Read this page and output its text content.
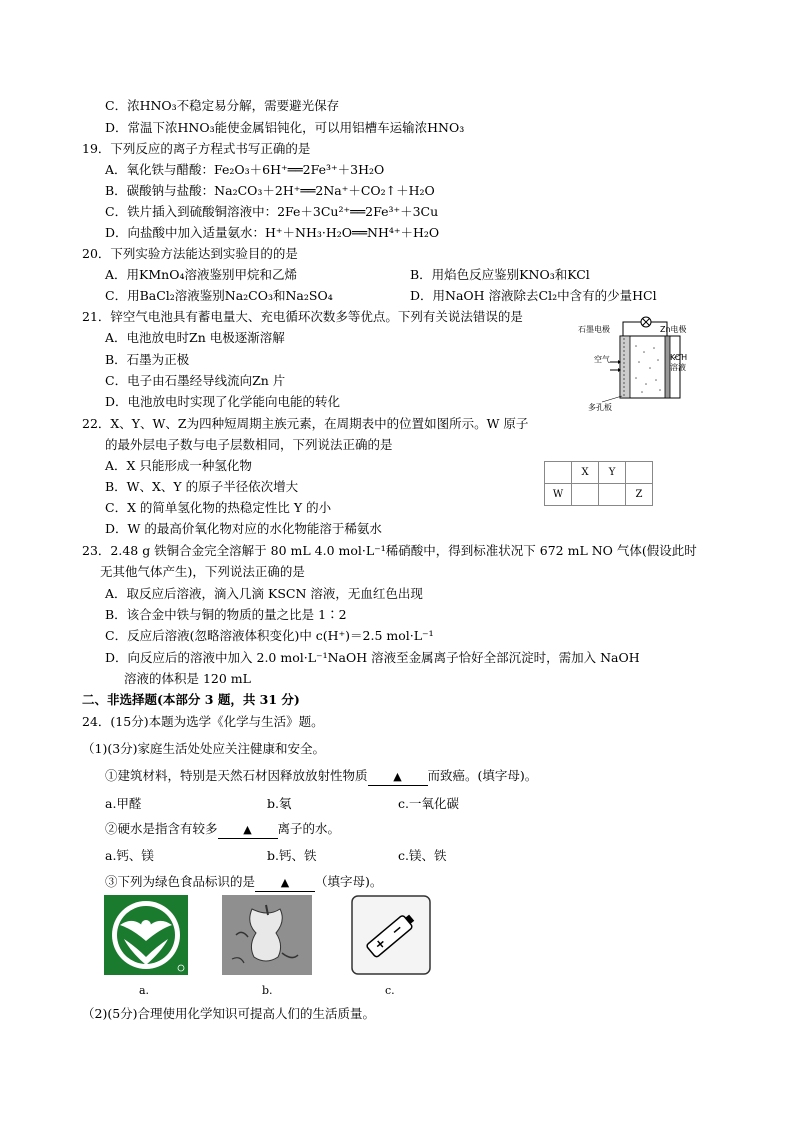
C．浓HNO₃不稳定易分解，需要避光保存
D．常温下浓HNO₃能使金属铝钝化，可以用铝槽车运输浓HNO₃
19．下列反应的离子方程式书写正确的是
A．氧化铁与醋酸：Fe₂O₃＋6H⁺══2Fe³⁺＋3H₂O
B．碳酸钠与盐酸：Na₂CO₃＋2H⁺══2Na⁺＋CO₂↑＋H₂O
C．铁片插入到硫酸铜溶液中：2Fe＋3Cu²⁺══2Fe³⁺＋3Cu
D．向盐酸中加入适量氨水：H⁺＋NH₃·H₂O══NH⁴⁺＋H₂O
20．下列实验方法能达到实验目的的是
A．用KMnO₄溶液鉴别甲烷和乙烯	B．用焰色反应鉴别KNO₃和KCl
C．用BaCl₂溶液鉴别Na₂CO₃和Na₂SO₄	D．用NaOH 溶液除去Cl₂中含有的少量HCl
21．锌空气电池具有蓄电量大、充电循环次数多等优点。下列有关说法错误的是
A．电池放电时Zn 电极逐渐溶解
B．石墨为正极
C．电子由石墨经导线流向Zn 片
D．电池放电时实现了化学能向电能的转化
石墨电极	Zn电极
空气	KOH
溶液
多孔板
22．X、Y、W、Z为四种短周期主族元素，在周期表中的位置如图所示。W 原子
的最外层电子数与电子层数相同，下列说法正确的是
A．X 只能形成一种氢化物
B．W、X、Y 的原子半径依次增大
C．X 的简单氢化物的热稳定性比 Y 的小
D．W 的最高价氧化物对应的水化物能溶于稀氨水
	X	Y	
W			Z
23．2.48 g 铁铜合金完全溶解于 80 mL 4.0 mol·L⁻¹稀硝酸中，得到标准状况下 672 mL NO 气体(假设此时
无其他气体产生)，下列说法正确的是
A．取反应后溶液，滴入几滴 KSCN 溶液，无血红色出现
B．该合金中铁与铜的物质的量之比是 1∶2
C．反应后溶液(忽略溶液体积变化)中 c(H⁺)＝2.5 mol·L⁻¹
D．向反应后的溶液中加入 2.0 mol·L⁻¹NaOH 溶液至金属离子恰好全部沉淀时，需加入 NaOH
溶液的体积是 120 mL
二、非选择题(本部分 3 题，共 31 分)
24．(15分)本题为选学《化学与生活》题。
（1)(3分)家庭生活处处应关注健康和安全。
①建筑材料，特别是天然石材因释放放射性物质 ▲ 而致癌。(填字母)。
a.甲醛	b.氡	c.一氧化碳
②硬水是指含有较多 ▲ 离子的水。
a.钙、镁	b.钙、铁	c.镁、铁
③下列为绿色食品标识的是 ▲ （填字母)。
a.	b.	c.
（2)(5分)合理使用化学知识可提高人们的生活质量。
